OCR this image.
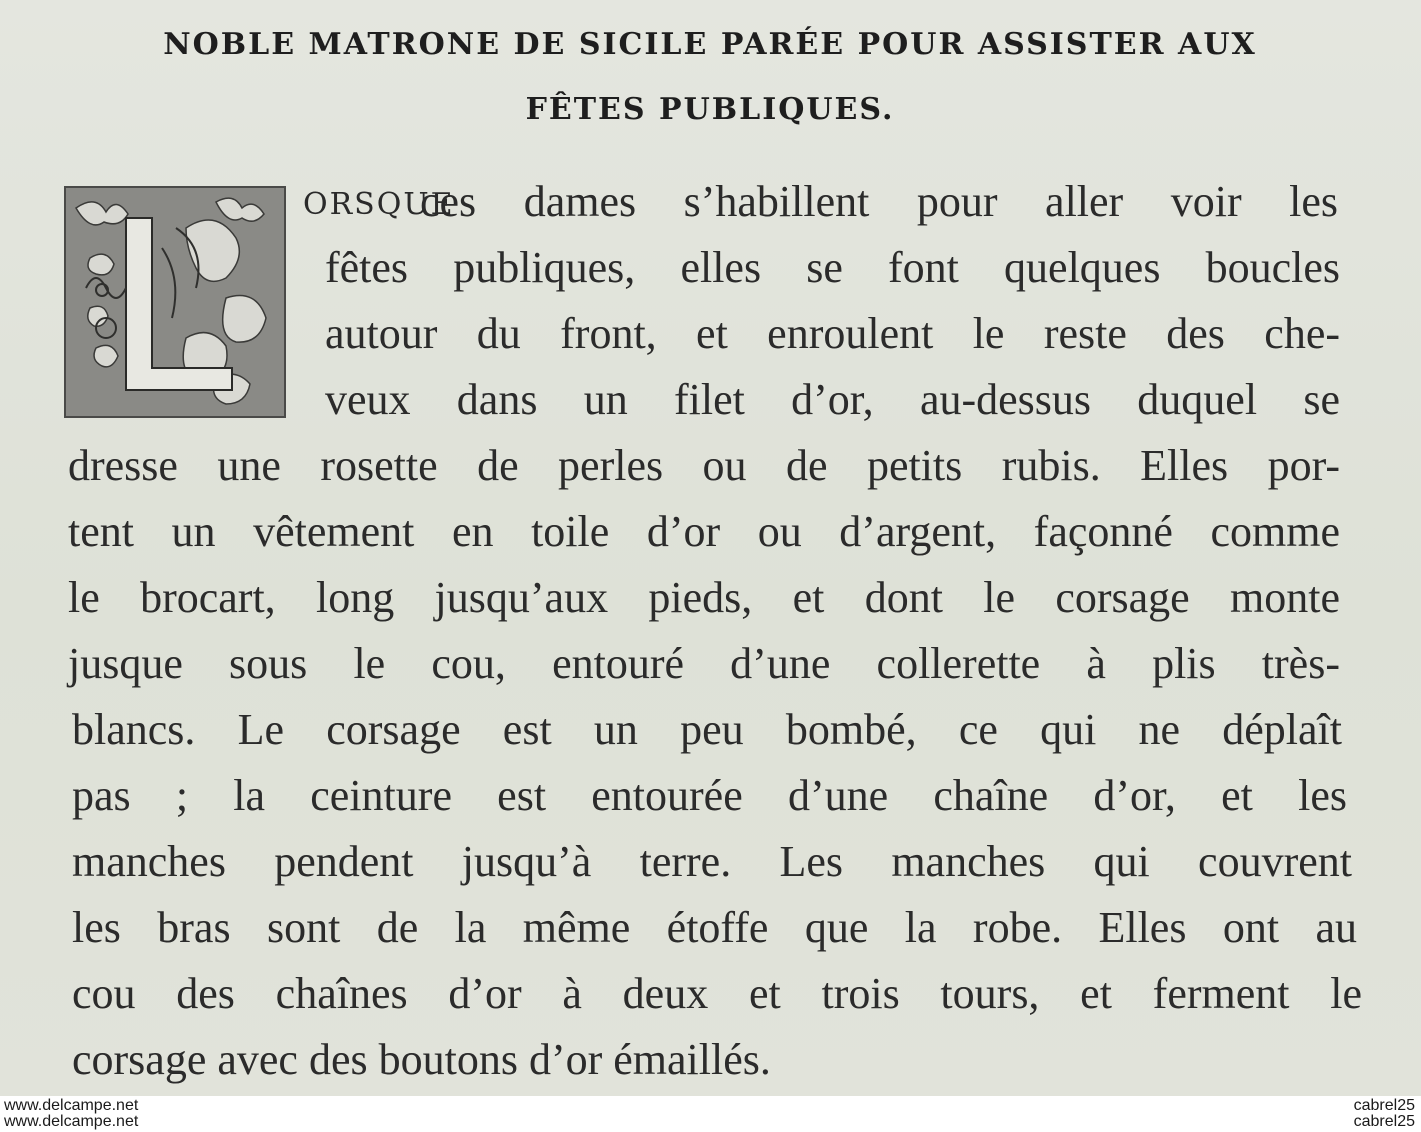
NOBLE MATRONE DE SICILE PARÉE POUR ASSISTER AUX
FÊTES PUBLIQUES.
ORSQUE
ces dames s’habillent pour aller voir les
fêtes publiques, elles se font quelques boucles
autour du front, et enroulent le reste des che-
veux dans un filet d’or, au-dessus duquel se
dresse une rosette de perles ou de petits rubis. Elles por-
tent un vêtement en toile d’or ou d’argent, façonné comme
le brocart, long jusqu’aux pieds, et dont le corsage monte
jusque sous le cou, entouré d’une collerette à plis très-
blancs. Le corsage est un peu bombé, ce qui ne déplaît
pas ; la ceinture est entourée d’une chaîne d’or, et les
manches pendent jusqu’à terre. Les manches qui couvrent
les bras sont de la même étoffe que la robe. Elles ont au
cou des chaînes d’or à deux et trois tours, et ferment le
corsage avec des boutons d’or émaillés.
www.delcampe.net
www.delcampe.net
cabrel25
cabrel25
